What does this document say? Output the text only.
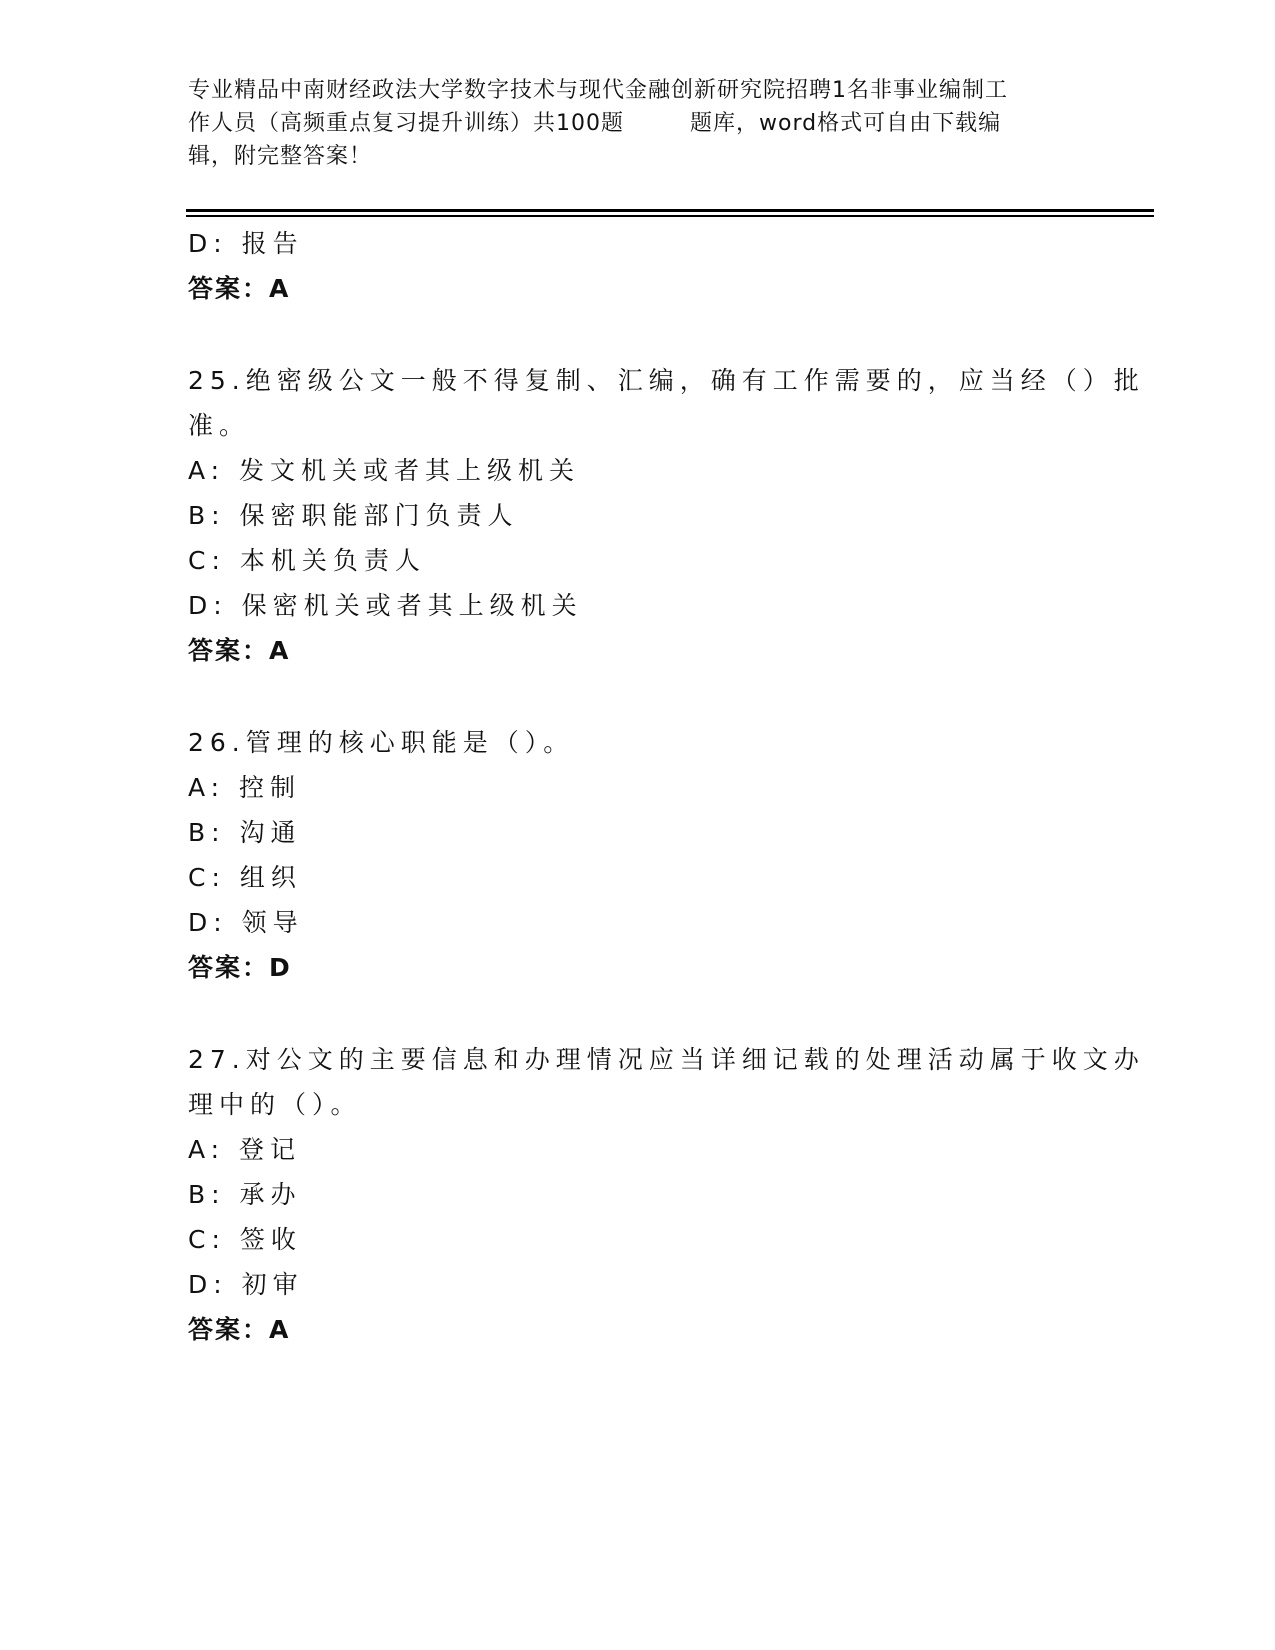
专业精品中南财经政法大学数字技术与现代金融创新研究院招聘1名非事业编制工

作人员（高频重点复习提升训练）共100题	题库，word格式可自由下载编

辑，附完整答案！

D: 报告
答案：A
25.绝密级公文一般不得复制、汇编，确有工作需要的，应当经（）批
准。
A: 发文机关或者其上级机关
B: 保密职能部门负责人
C: 本机关负责人
D: 保密机关或者其上级机关
答案：A
26.管理的核心职能是（）。
A: 控制
B: 沟通
C: 组织
D: 领导
答案：D
27.对公文的主要信息和办理情况应当详细记载的处理活动属于收文办
理中的（）。
A: 登记
B: 承办
C: 签收
D: 初审
答案：A
